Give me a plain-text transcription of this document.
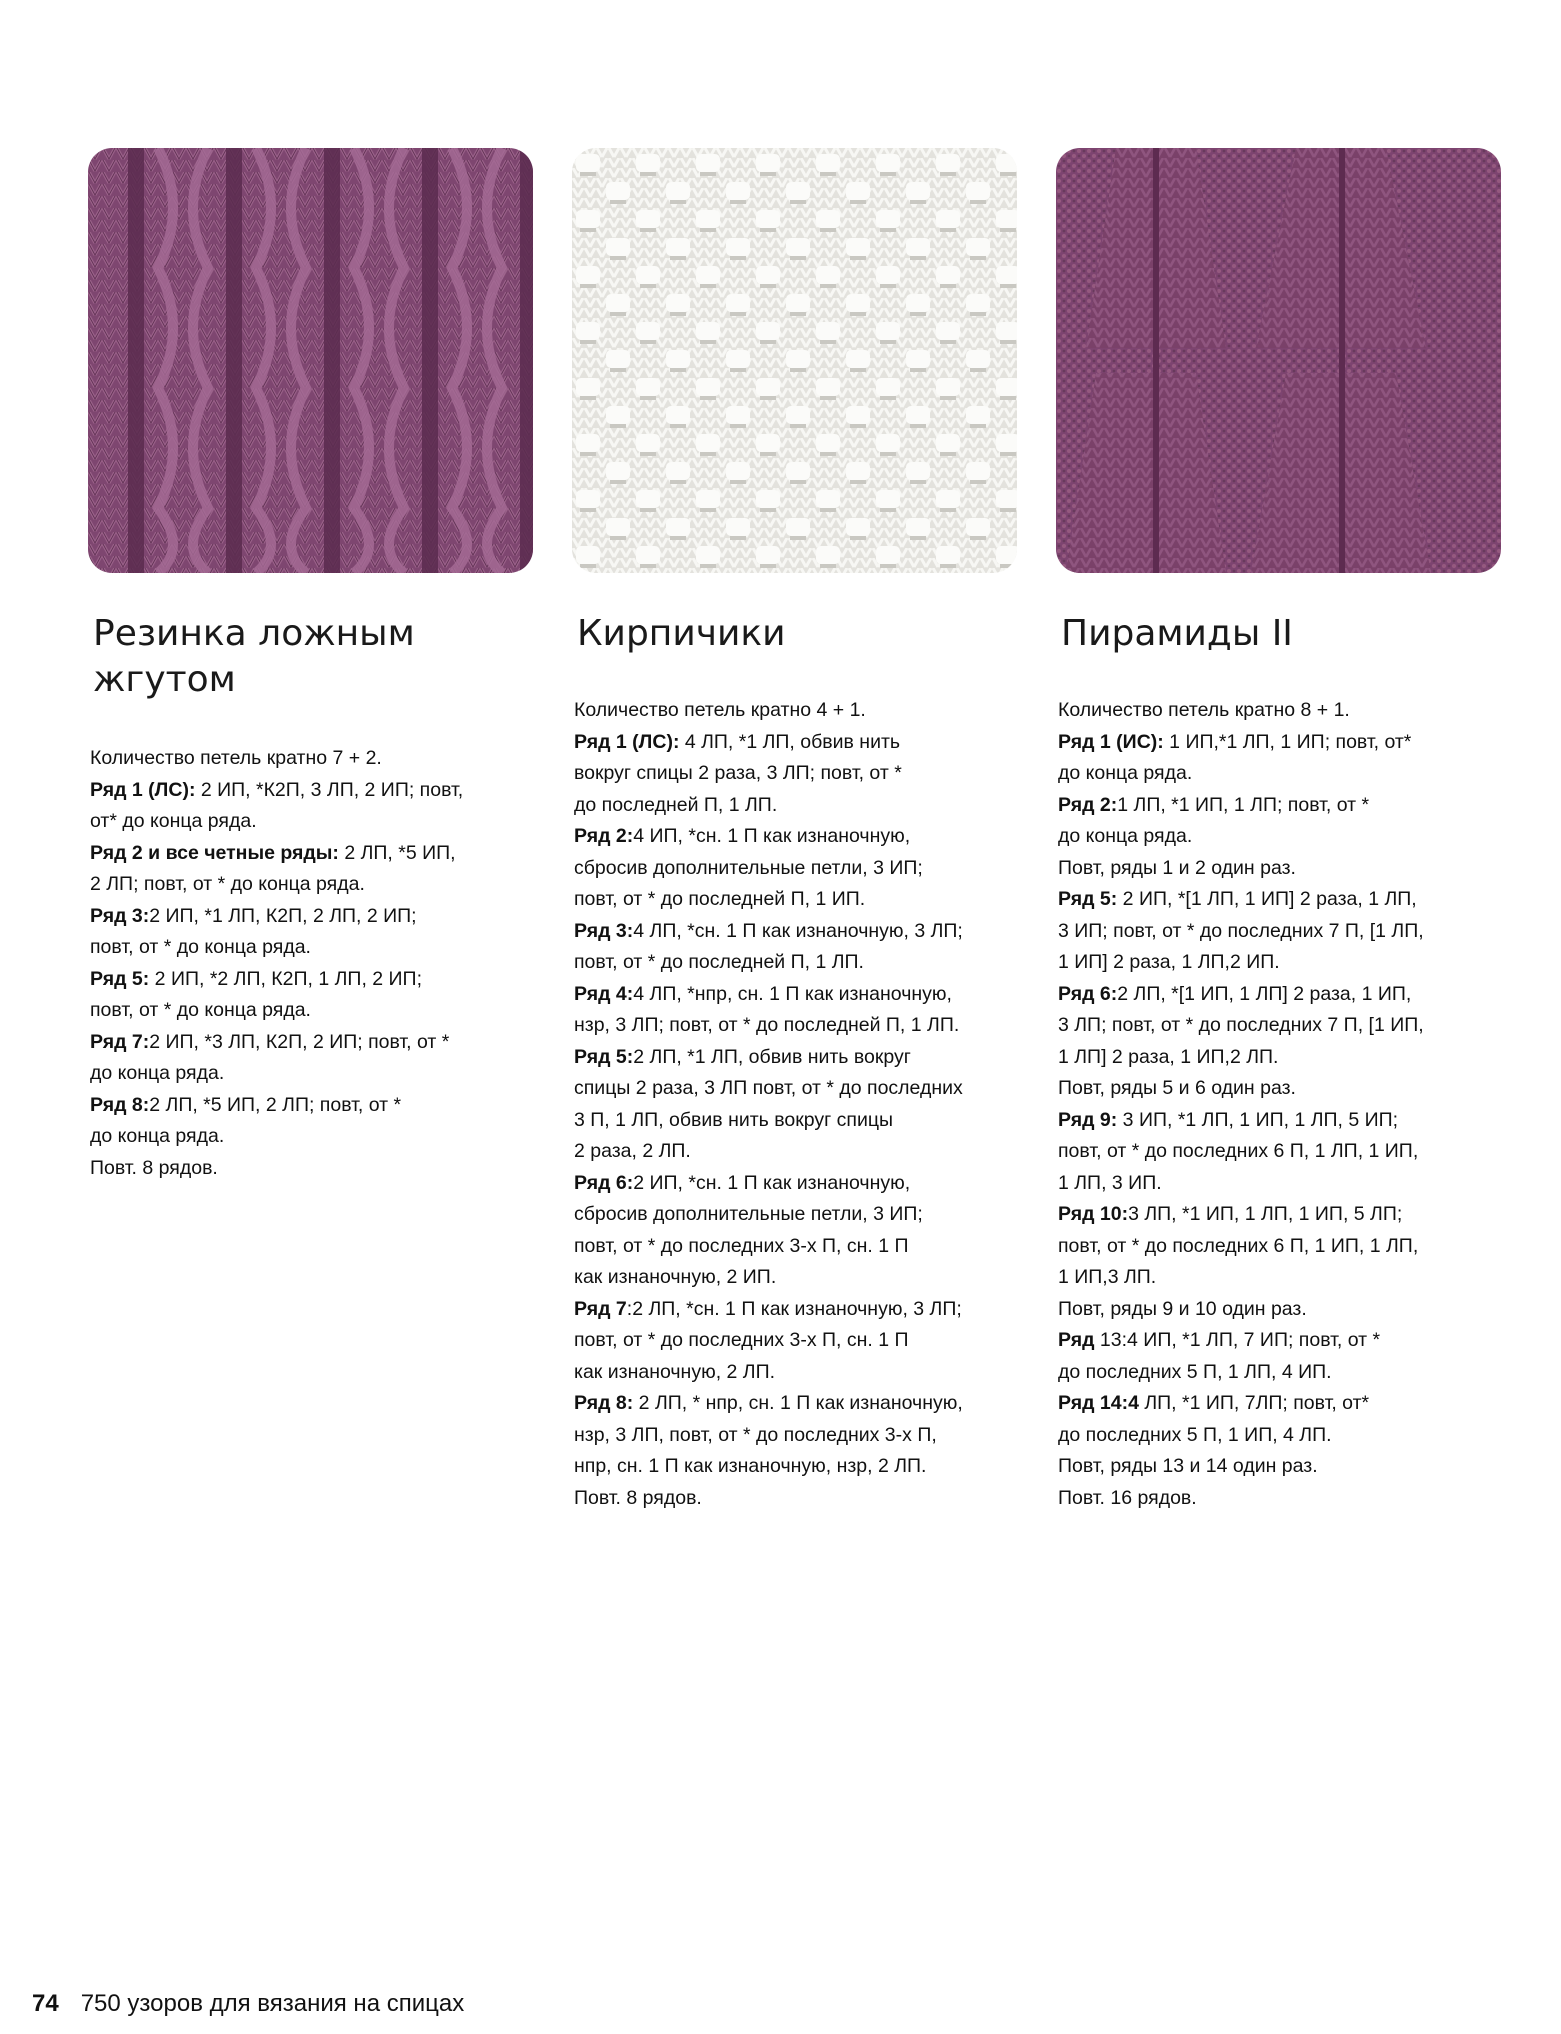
Резинка ложным жгутом

Количество петель кратно 7 + 2.

Ряд 1 (ЛС): 2 ИП, *К2П, 3 ЛП, 2 ИП; повт,

от* до конца ряда.

Ряд 2 и все четные ряды: 2 ЛП, *5 ИП,

2 ЛП; повт, от * до конца ряда.

Ряд 3:2 ИП, *1 ЛП, К2П, 2 ЛП, 2 ИП;

повт, от * до конца ряда.

Ряд 5: 2 ИП, *2 ЛП, К2П, 1 ЛП, 2 ИП;

повт, от * до конца ряда.

Ряд 7:2 ИП, *3 ЛП, К2П, 2 ИП; повт, от *

до конца ряда.

Ряд 8:2 ЛП, *5 ИП, 2 ЛП; повт, от *

до конца ряда.

Повт. 8 рядов.

Кирпичики

Количество петель кратно 4 + 1.

Ряд 1 (ЛС): 4 ЛП, *1 ЛП, обвив нить

вокруг спицы 2 раза, 3 ЛП; повт, от *

до последней П, 1 ЛП.

Ряд 2:4 ИП, *сн. 1 П как изнаночную,

сбросив дополнительные петли, 3 ИП;

повт, от * до последней П, 1 ИП.

Ряд 3:4 ЛП, *сн. 1 П как изнаночную, 3 ЛП;

повт, от * до последней П, 1 ЛП.

Ряд 4:4 ЛП, *нпр, сн. 1 П как изнаночную,

нзр, 3 ЛП; повт, от * до последней П, 1 ЛП.

Ряд 5:2 ЛП, *1 ЛП, обвив нить вокруг

спицы 2 раза, 3 ЛП повт, от * до последних

3 П, 1 ЛП, обвив нить вокруг спицы

2 раза, 2 ЛП.

Ряд 6:2 ИП, *сн. 1 П как изнаночную,

сбросив дополнительные петли, 3 ИП;

повт, от * до последних 3-х П, сн. 1 П

как изнаночную, 2 ИП.

Ряд 7:2 ЛП, *сн. 1 П как изнаночную, 3 ЛП;

повт, от * до последних 3-х П, сн. 1 П

как изнаночную, 2 ЛП.

Ряд 8: 2 ЛП, * нпр, сн. 1 П как изнаночную,

нзр, 3 ЛП, повт, от * до последних 3-х П,

нпр, сн. 1 П как изнаночную, нзр, 2 ЛП.

Повт. 8 рядов.

Пирамиды II

Количество петель кратно 8 + 1.

Ряд 1 (ИС): 1 ИП,*1 ЛП, 1 ИП; повт, от*

до конца ряда.

Ряд 2:1 ЛП, *1 ИП, 1 ЛП; повт, от *

до конца ряда.

Повт, ряды 1 и 2 один раз.

Ряд 5: 2 ИП, *[1 ЛП, 1 ИП] 2 раза, 1 ЛП,

3 ИП; повт, от * до последних 7 П, [1 ЛП,

1 ИП] 2 раза, 1 ЛП,2 ИП.

Ряд 6:2 ЛП, *[1 ИП, 1 ЛП] 2 раза, 1 ИП,

3 ЛП; повт, от * до последних 7 П, [1 ИП,

1 ЛП] 2 раза, 1 ИП,2 ЛП.

Повт, ряды 5 и 6 один раз.

Ряд 9: 3 ИП, *1 ЛП, 1 ИП, 1 ЛП, 5 ИП;

повт, от * до последних 6 П, 1 ЛП, 1 ИП,

1 ЛП, 3 ИП.

Ряд 10:3 ЛП, *1 ИП, 1 ЛП, 1 ИП, 5 ЛП;

повт, от * до последних 6 П, 1 ИП, 1 ЛП,

1 ИП,3 ЛП.

Повт, ряды 9 и 10 один раз.

Ряд 13:4 ИП, *1 ЛП, 7 ИП; повт, от *

до последних 5 П, 1 ЛП, 4 ИП.

Ряд 14:4 ЛП, *1 ИП, 7ЛП; повт, от*

до последних 5 П, 1 ИП, 4 ЛП.

Повт, ряды 13 и 14 один раз.

Повт. 16 рядов.

74 750 узоров для вязания на спицах
